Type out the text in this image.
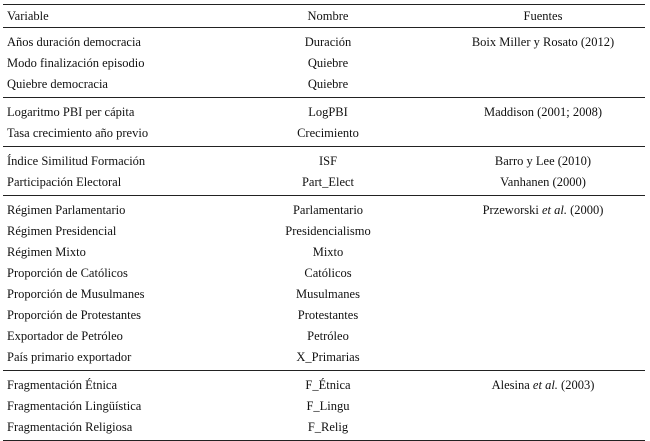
Variable	Nombre	Fuentes
Años duración democracia	Duración	Boix Miller y Rosato (2012)
Modo finalización episodio	Quiebre
Quiebre democracia	Quiebre
Logaritmo PBI per cápita	LogPBI	Maddison (2001; 2008)
Tasa crecimiento año previo	Crecimiento
Índice Similitud Formación	ISF	Barro y Lee (2010)
Participación Electoral	Part_Elect	Vanhanen (2000)
Régimen Parlamentario	Parlamentario	Przeworski et al. (2000)
Régimen Presidencial	Presidencialismo
Régimen Mixto	Mixto
Proporción de Católicos	Católicos
Proporción de Musulmanes	Musulmanes
Proporción de Protestantes	Protestantes
Exportador de Petróleo	Petróleo
País primario exportador	X_Primarias
Fragmentación Étnica	F_Étnica	Alesina et al. (2003)
Fragmentación Lingüística	F_Lingu
Fragmentación Religiosa	F_Relig
